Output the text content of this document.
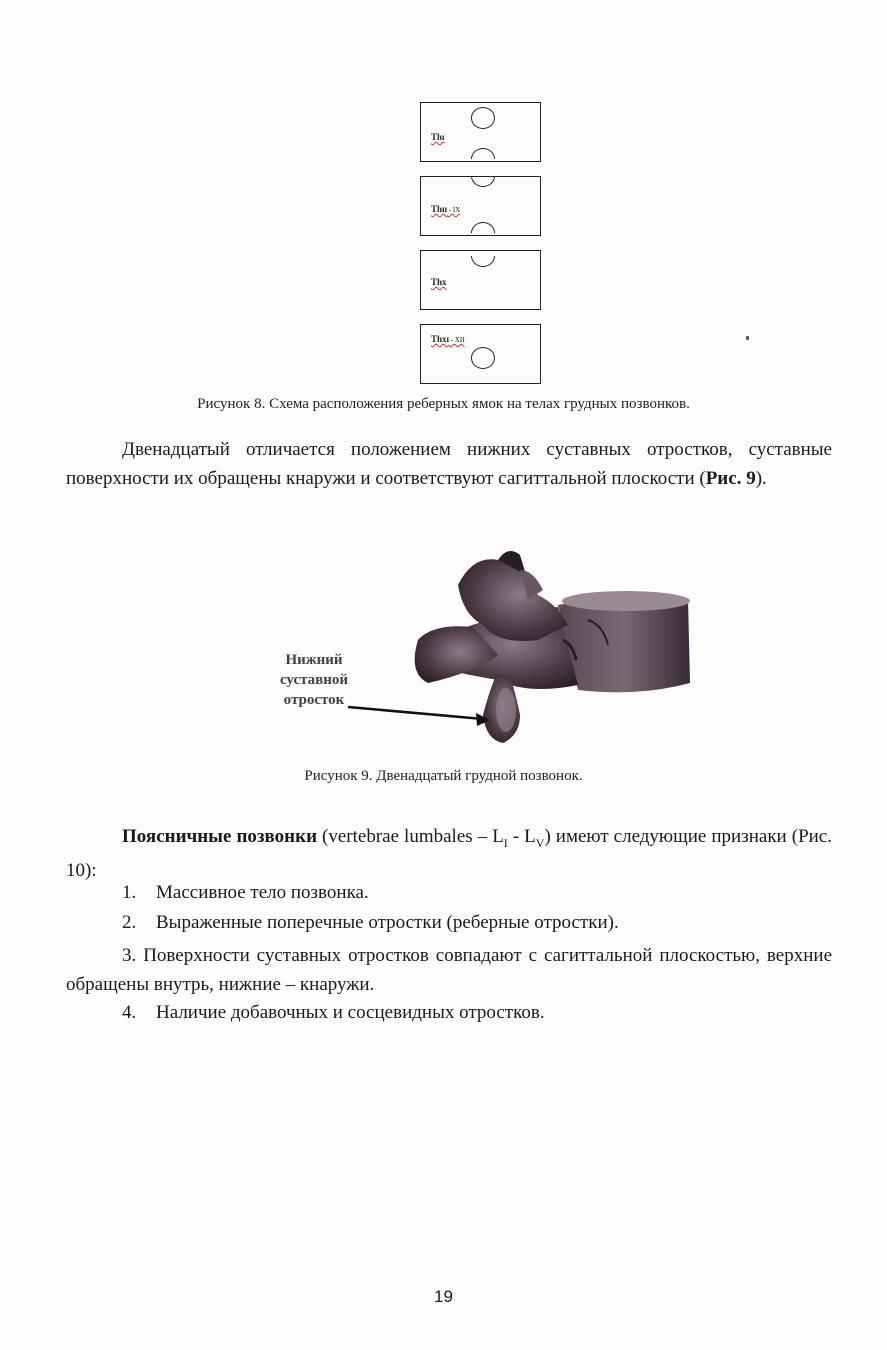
Thı
Thıı - IX
Thx
Thxı - XII
Рисунок 8. Схема расположения реберных ямок на телах грудных позвонков.

Двенадцатый отличается положением нижних суставных отростков, суставные поверхности их обращены кнаружи и соответствуют сагиттальной плоскости (Рис. 9).

Нижний
суставной
отросток
Рисунок 9. Двенадцатый грудной позвонок.

Поясничные позвонки (vertebrae lumbales – $L_I - L_V$) имеют следующие признаки (Рис. 10):

1. Массивное тело позвонка.
2. Выраженные поперечные отростки (реберные отростки).

3. Поверхности суставных отростков совпадают с сагиттальной плоскостью, верхние обращены внутрь, нижние – кнаружи.

4. Наличие добавочных и сосцевидных отростков.
19
